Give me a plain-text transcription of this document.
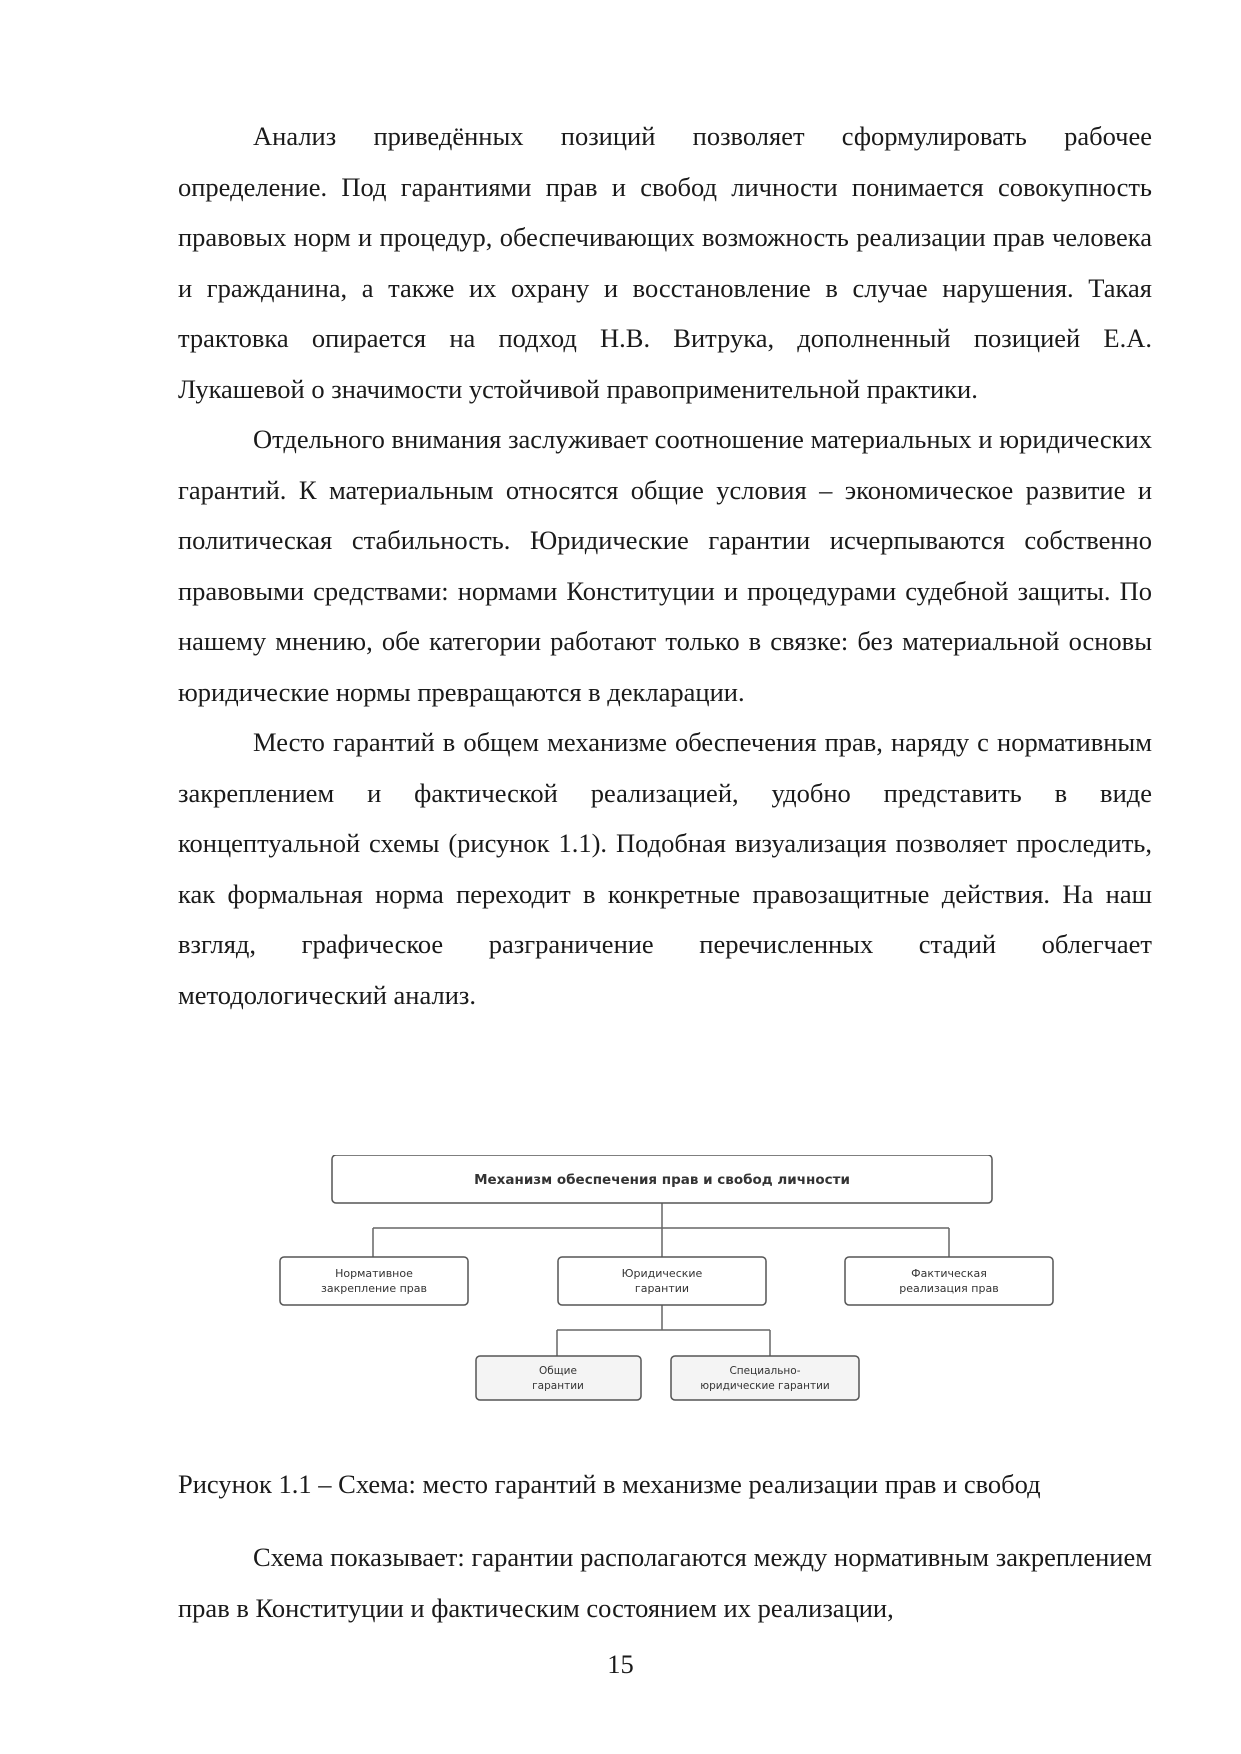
Анализ приведённых позиций позволяет сформулировать рабочее определение. Под гарантиями прав и свобод личности понимается совокупность правовых норм и процедур, обеспечивающих возможность реализации прав человека и гражданина, а также их охрану и восстановление в случае нарушения. Такая трактовка опирается на подход Н.В. Витрука, дополненный позицией Е.А. Лукашевой о значимости устойчивой правоприменительной практики.

Отдельного внимания заслуживает соотношение материальных и юридических гарантий. К материальным относятся общие условия – экономическое развитие и политическая стабильность. Юридические гарантии исчерпываются собственно правовыми средствами: нормами Конституции и процедурами судебной защиты. По нашему мнению, обе категории работают только в связке: без материальной основы юридические нормы превращаются в декларации.

Место гарантий в общем механизме обеспечения прав, наряду с нормативным закреплением и фактической реализацией, удобно представить в виде концептуальной схемы (рисунок 1.1). Подобная визуализация позволяет проследить, как формальная норма переходит в конкретные правозащитные действия. На наш взгляд, графическое разграничение перечисленных стадий облегчает методологический анализ.

Механизм обеспечения прав и свобод личности
Нормативное
закрепление прав
Юридические
гарантии
Фактическая
реализация прав
Общие
гарантии
Специально-
юридические гарантии

Рисунок 1.1 – Схема: место гарантий в механизме реализации прав и свобод

Схема показывает: гарантии располагаются между нормативным закреплением прав в Конституции и фактическим состоянием их реализации,

15
